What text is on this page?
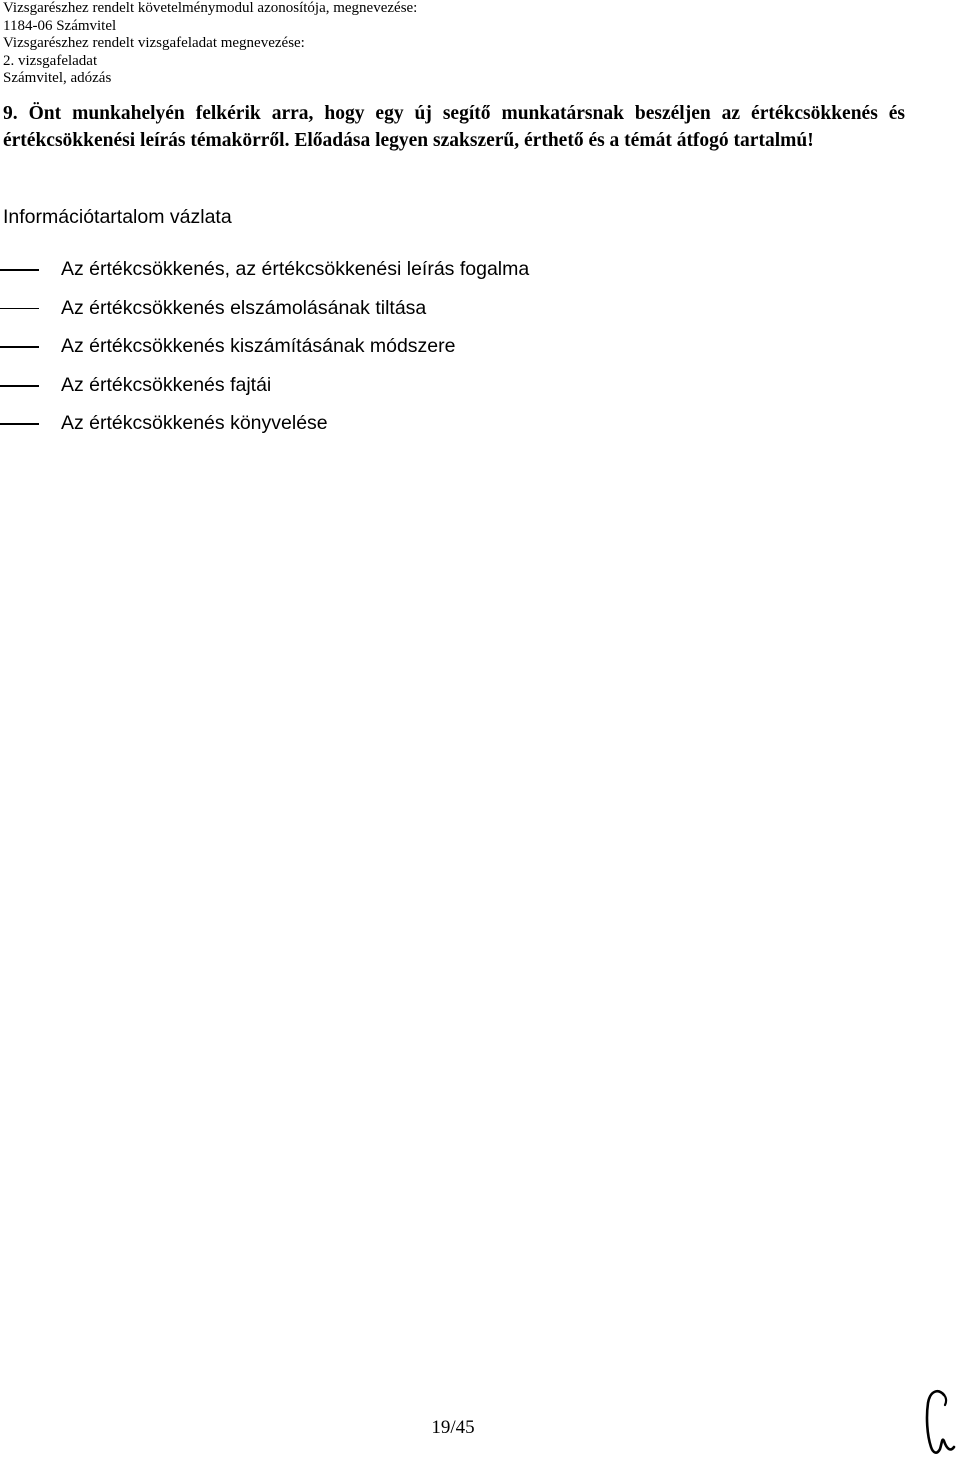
Vizsgarészhez rendelt követelménymodul azonosítója, megnevezése:
1184-06 Számvitel
Vizsgarészhez rendelt vizsgafeladat megnevezése:
2. vizsgafeladat
Számvitel, adózás
9. Önt munkahelyén felkérik arra, hogy egy új segítő munkatársnak beszéljen az értékcsökkenés és értékcsökkenési leírás témakörről. Előadása legyen szakszerű, érthető és a témát átfogó tartalmú!
Információtartalom vázlata
Az értékcsökkenés, az értékcsökkenési leírás fogalma
Az értékcsökkenés elszámolásának tiltása
Az értékcsökkenés kiszámításának módszere
Az értékcsökkenés fajtái
Az értékcsökkenés könyvelése
19/45
